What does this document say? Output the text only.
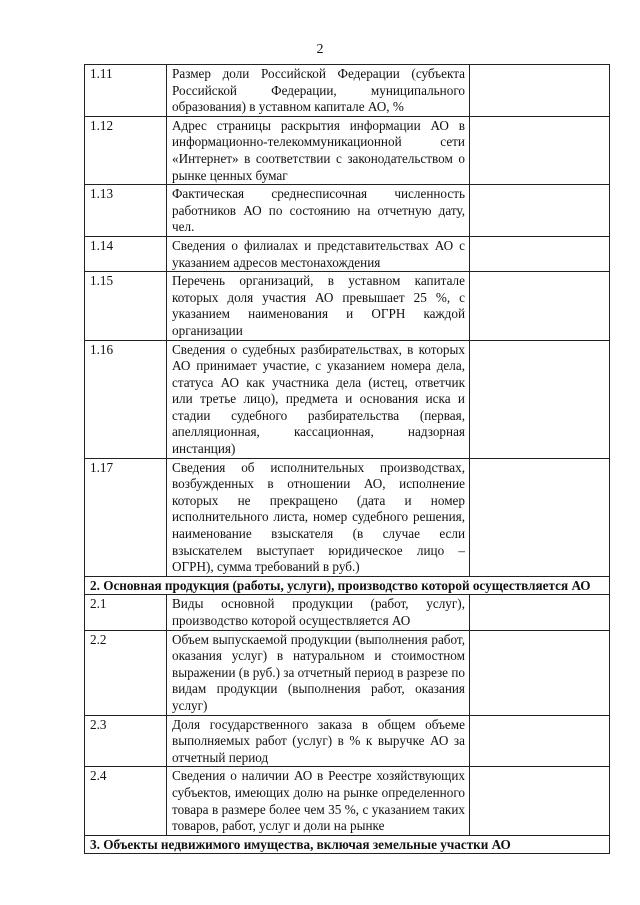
2
1.11	Размер доли Российской Федерации (субъекта Российской Федерации, муниципального образования) в уставном капитале АО, %	
1.12	Адрес страницы раскрытия информации АО в информационно-телекоммуникационной сети «Интернет» в соответствии с законодательством о рынке ценных бумаг	
1.13	Фактическая среднесписочная численность работников АО по состоянию на отчетную дату, чел.	
1.14	Сведения о филиалах и представительствах АО с указанием адресов местонахождения	
1.15	Перечень организаций, в уставном капитале которых доля участия АО превышает 25 %, с указанием наименования и ОГРН каждой организации	
1.16	Сведения о судебных разбирательствах, в которых АО принимает участие, с указанием номера дела, статуса АО как участника дела (истец, ответчик или третье лицо), предмета и основания иска и стадии судебного разбирательства (первая, апелляционная, кассационная, надзорная инстанция)	
1.17	Сведения об исполнительных производствах, возбужденных в отношении АО, исполнение которых не прекращено (дата и номер исполнительного листа, номер судебного решения, наименование взыскателя (в случае если взыскателем выступает юридическое лицо – ОГРН), сумма требований в руб.)	
2. Основная продукция (работы, услуги), производство которой осуществляется АО		
2.1	Виды основной продукции (работ, услуг), производство которой осуществляется АО	
2.2	Объем выпускаемой продукции (выполнения работ, оказания услуг) в натуральном и стоимостном выражении (в руб.) за отчетный период в разрезе по видам продукции (выполнения работ, оказания услуг)	
2.3	Доля государственного заказа в общем объеме выполняемых работ (услуг) в % к выручке АО за отчетный период	
2.4	Сведения о наличии АО в Реестре хозяйствующих субъектов, имеющих долю на рынке определенного товара в размере более чем 35 %, с указанием таких товаров, работ, услуг и доли на рынке	
3. Объекты недвижимого имущества, включая земельные участки АО		
